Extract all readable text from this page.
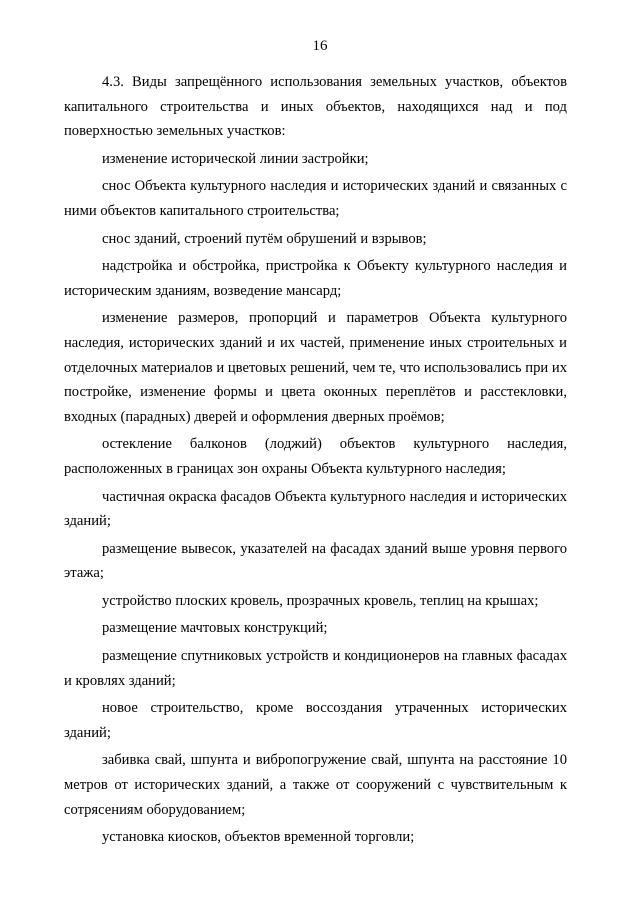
16

4.3. Виды запрещённого использования земельных участков, объектов капитального строительства и иных объектов, находящихся над и под поверхностью земельных участков:

изменение исторической линии застройки;

снос Объекта культурного наследия и исторических зданий и связанных с ними объектов капитального строительства;

снос зданий, строений путём обрушений и взрывов;

надстройка и обстройка, пристройка к Объекту культурного наследия и историческим зданиям, возведение мансард;

изменение размеров, пропорций и параметров Объекта культурного наследия, исторических зданий и их частей, применение иных строительных и отделочных материалов и цветовых решений, чем те, что использовались при их постройке, изменение формы и цвета оконных переплётов и расстекловки, входных (парадных) дверей и оформления дверных проёмов;

остекление балконов (лоджий) объектов культурного наследия, расположенных в границах зон охраны Объекта культурного наследия;

частичная окраска фасадов Объекта культурного наследия и исторических зданий;

размещение вывесок, указателей на фасадах зданий выше уровня первого этажа;

устройство плоских кровель, прозрачных кровель, теплиц на крышах;

размещение мачтовых конструкций;

размещение спутниковых устройств и кондиционеров на главных фасадах и кровлях зданий;

новое строительство, кроме воссоздания утраченных исторических зданий;

забивка свай, шпунта и вибропогружение свай, шпунта на расстояние 10 метров от исторических зданий, а также от сооружений с чувствительным к сотрясениям оборудованием;

установка киосков, объектов временной торговли;
